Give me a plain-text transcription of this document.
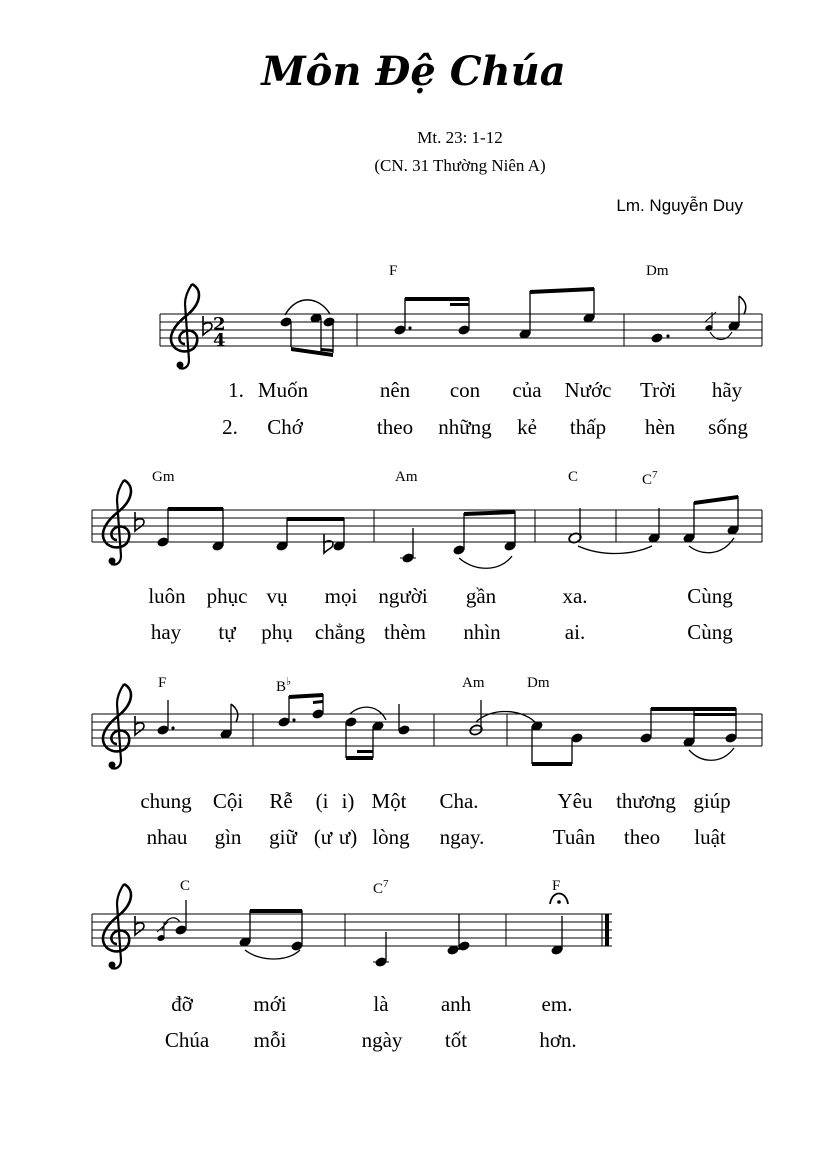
Môn Đệ Chúa
Mt. 23: 1-12
(CN. 31 Thường Niên A)
Lm. Nguyễn Duy
F	Dm
Gm	Am	C	$C^7$
F	B♭	Am	Dm
C	$C^7$	F
1. Muốn	nên con của Nước Trời hãy
2. Chớ	theo những kẻ thấp hèn sống
luôn phục vụ mọi người gần	xa.	Cùng
hay tự phụ chẳng thèm nhìn	ai.	Cùng
chung Cội Rễ (i i) Một Cha.	Yêu thương giúp
nhau gìn giữ (ư ư) lòng ngay.	Tuân theo luật
đỡ	mới	là anh	em.
Chúa mỗi	ngày tốt	hơn.
2
4
